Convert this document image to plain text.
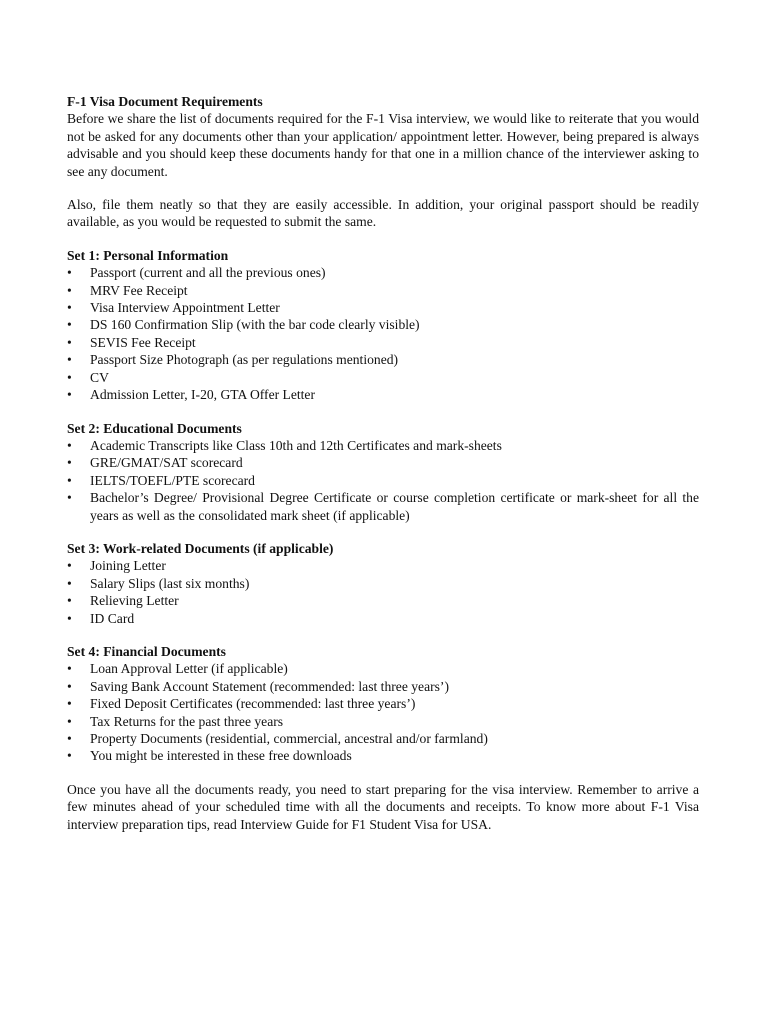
F-1 Visa Document Requirements

Before we share the list of documents required for the F-1 Visa interview, we would like to reiterate that you would not be asked for any documents other than your application/ appointment letter. However, being prepared is always advisable and you should keep these documents handy for that one in a million chance of the interviewer asking to see any document.

Also, file them neatly so that they are easily accessible. In addition, your original passport should be readily available, as you would be requested to submit the same.

Set 1: Personal Information

• Passport (current and all the previous ones)
• MRV Fee Receipt
• Visa Interview Appointment Letter
• DS 160 Confirmation Slip (with the bar code clearly visible)
• SEVIS Fee Receipt
• Passport Size Photograph (as per regulations mentioned)
• CV
• Admission Letter, I-20, GTA Offer Letter

Set 2: Educational Documents

• Academic Transcripts like Class 10th and 12th Certificates and mark-sheets
• GRE/GMAT/SAT scorecard
• IELTS/TOEFL/PTE scorecard
• Bachelor’s Degree/ Provisional Degree Certificate or course completion certificate or mark-sheet for all the years as well as the consolidated mark sheet (if applicable)

Set 3: Work-related Documents (if applicable)

• Joining Letter
• Salary Slips (last six months)
• Relieving Letter
• ID Card

Set 4: Financial Documents

• Loan Approval Letter (if applicable)
• Saving Bank Account Statement (recommended: last three years’)
• Fixed Deposit Certificates (recommended: last three years’)
• Tax Returns for the past three years
• Property Documents (residential, commercial, ancestral and/or farmland)
• You might be interested in these free downloads

Once you have all the documents ready, you need to start preparing for the visa interview. Remember to arrive a few minutes ahead of your scheduled time with all the documents and receipts. To know more about F-1 Visa interview preparation tips, read Interview Guide for F1 Student Visa for USA.
